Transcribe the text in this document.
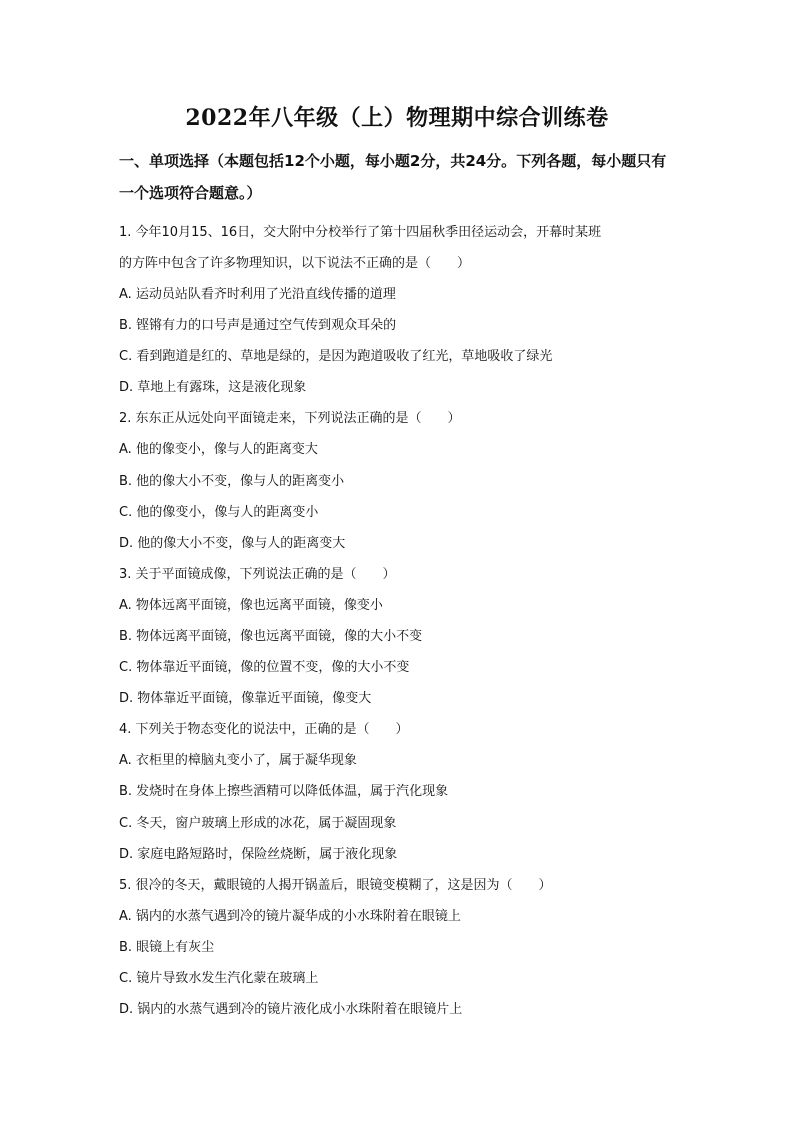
2022年八年级（上）物理期中综合训练卷
一、单项选择（本题包括12个小题，每小题2分，共24分。下列各题，每小题只有一个选项符合题意。）
1. 今年10月15、16日，交大附中分校举行了第十四届秋季田径运动会，开幕时某班
的方阵中包含了许多物理知识，以下说法不正确的是（　　）
A. 运动员站队看齐时利用了光沿直线传播的道理
B. 铿锵有力的口号声是通过空气传到观众耳朵的
C. 看到跑道是红的、草地是绿的，是因为跑道吸收了红光，草地吸收了绿光
D. 草地上有露珠，这是液化现象
2. 东东正从远处向平面镜走来，下列说法正确的是（　　）
A. 他的像变小，像与人的距离变大
B. 他的像大小不变，像与人的距离变小
C. 他的像变小，像与人的距离变小
D. 他的像大小不变，像与人的距离变大
3. 关于平面镜成像，下列说法正确的是（　　）
A. 物体远离平面镜，像也远离平面镜，像变小
B. 物体远离平面镜，像也远离平面镜，像的大小不变
C. 物体靠近平面镜，像的位置不变，像的大小不变
D. 物体靠近平面镜，像靠近平面镜，像变大
4. 下列关于物态变化的说法中，正确的是（　　）
A. 衣柜里的樟脑丸变小了，属于凝华现象
B. 发烧时在身体上擦些酒精可以降低体温，属于汽化现象
C. 冬天，窗户玻璃上形成的冰花，属于凝固现象
D. 家庭电路短路时，保险丝烧断，属于液化现象
5. 很冷的冬天，戴眼镜的人揭开锅盖后，眼镜变模糊了，这是因为（　　）
A. 锅内的水蒸气遇到冷的镜片凝华成的小水珠附着在眼镜上
B. 眼镜上有灰尘
C. 镜片导致水发生汽化蒙在玻璃上
D. 锅内的水蒸气遇到冷的镜片液化成小水珠附着在眼镜片上
